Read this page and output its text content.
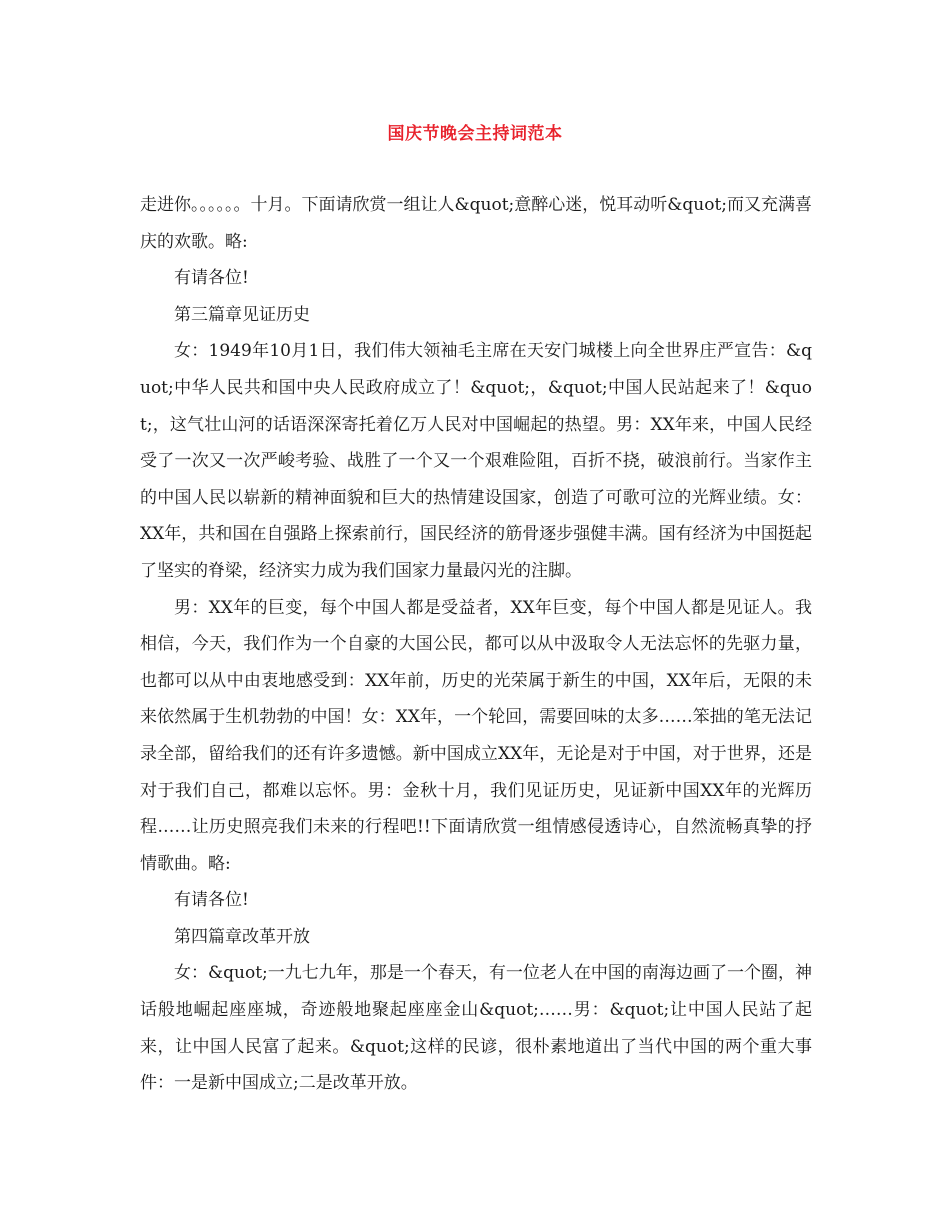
国庆节晚会主持词范本

走进你。。。。。。十月。下面请欣赏一组让人&quot;意醉心迷，悦耳动听&quot;而又充满喜庆的欢歌。略:

有请各位!

第三篇章见证历史

女：1949年10月1日，我们伟大领袖毛主席在天安门城楼上向全世界庄严宣告：&quot;中华人民共和国中央人民政府成立了！&quot;，&quot;中国人民站起来了！&quot;，这气壮山河的话语深深寄托着亿万人民对中国崛起的热望。男：XX年来，中国人民经受了一次又一次严峻考验、战胜了一个又一个艰难险阻，百折不挠，破浪前行。当家作主的中国人民以崭新的精神面貌和巨大的热情建设国家，创造了可歌可泣的光辉业绩。女：XX年，共和国在自强路上探索前行，国民经济的筋骨逐步强健丰满。国有经济为中国挺起了坚实的脊梁，经济实力成为我们国家力量最闪光的注脚。

男：XX年的巨变，每个中国人都是受益者，XX年巨变，每个中国人都是见证人。我相信，今天，我们作为一个自豪的大国公民，都可以从中汲取令人无法忘怀的先驱力量，也都可以从中由衷地感受到：XX年前，历史的光荣属于新生的中国，XX年后，无限的未来依然属于生机勃勃的中国！女：XX年，一个轮回，需要回味的太多……笨拙的笔无法记录全部，留给我们的还有许多遗憾。新中国成立XX年，无论是对于中国，对于世界，还是对于我们自己，都难以忘怀。男：金秋十月，我们见证历史，见证新中国XX年的光辉历程……让历史照亮我们未来的行程吧!!下面请欣赏一组情感侵透诗心，自然流畅真挚的抒情歌曲。略:

有请各位!

第四篇章改革开放

女：&quot;一九七九年，那是一个春天，有一位老人在中国的南海边画了一个圈，神话般地崛起座座城，奇迹般地聚起座座金山&quot;……男：&quot;让中国人民站了起来，让中国人民富了起来。&quot;这样的民谚，很朴素地道出了当代中国的两个重大事件：一是新中国成立;二是改革开放。
